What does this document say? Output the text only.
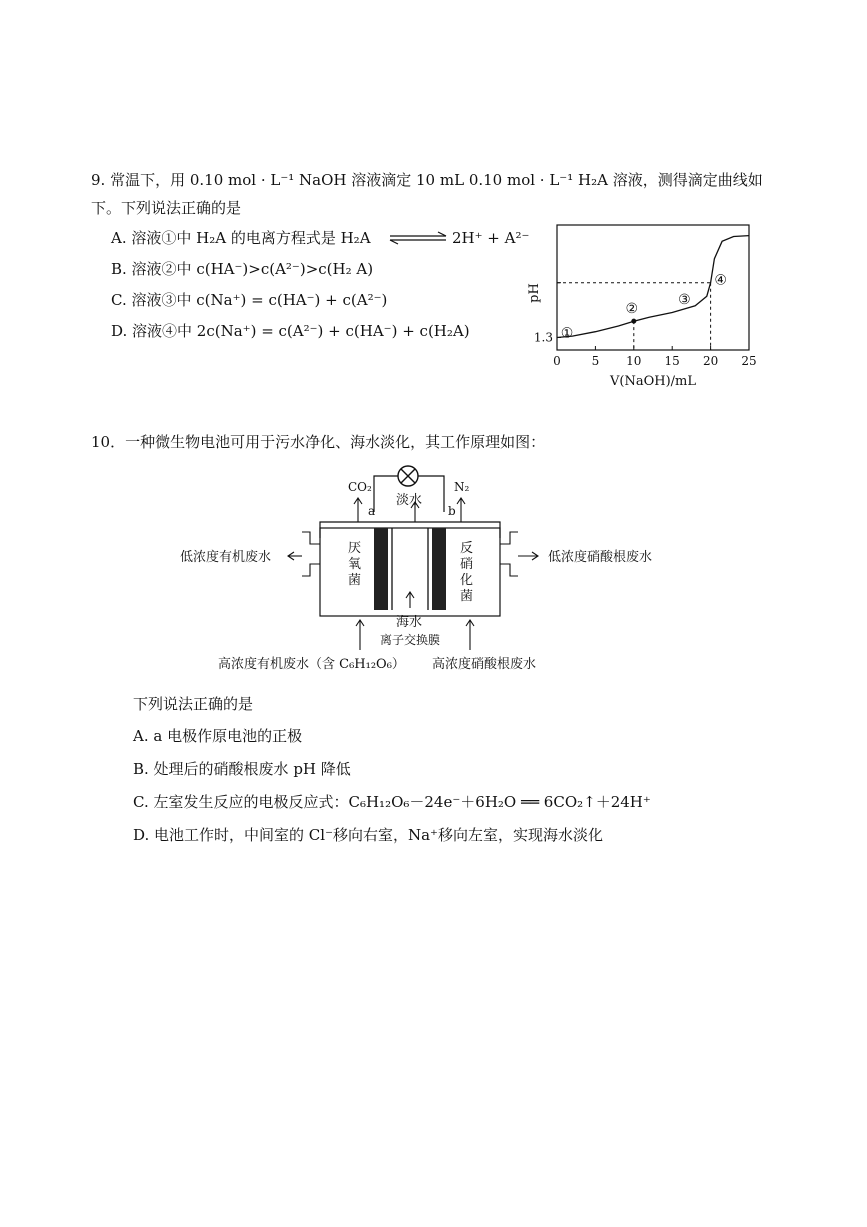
9. 常温下，用 0.10 mol · L⁻¹ NaOH 溶液滴定 10 mL 0.10 mol · L⁻¹ H₂A 溶液，测得滴定曲线如
下。下列说法正确的是
A. 溶液①中 H₂A 的电离方程式是 H₂A ⇌ 2H⁺ + A²⁻
B. 溶液②中 c(HA⁻)>c(A²⁻)>c(H₂ A)
C. 溶液③中 c(Na⁺) = c(HA⁻) + c(A²⁻)
D. 溶液④中 2c(Na⁺) = c(A²⁻) + c(HA⁻) + c(H₂A)
0	5 10 15 20 25
1.3 ①
②
③
④
pH
V(NaOH)/mL
10．一种微生物电池可用于污水净化、海水淡化，其工作原理如图：
淡水
CO₂	N₂
a	b
低浓度有机废水	低浓度硝酸根废水
厌
氧
菌
反
硝
化
菌
海水
离子交换膜
高浓度有机废水（含 C₆H₁₂O₆） 高浓度硝酸根废水
下列说法正确的是
A. a 电极作原电池的正极
B. 处理后的硝酸根废水 pH 降低
C. 左室发生反应的电极反应式：C₆H₁₂O₆－24e⁻＋6H₂O ══ 6CO₂↑＋24H⁺
D. 电池工作时，中间室的 Cl⁻移向右室，Na⁺移向左室，实现海水淡化
